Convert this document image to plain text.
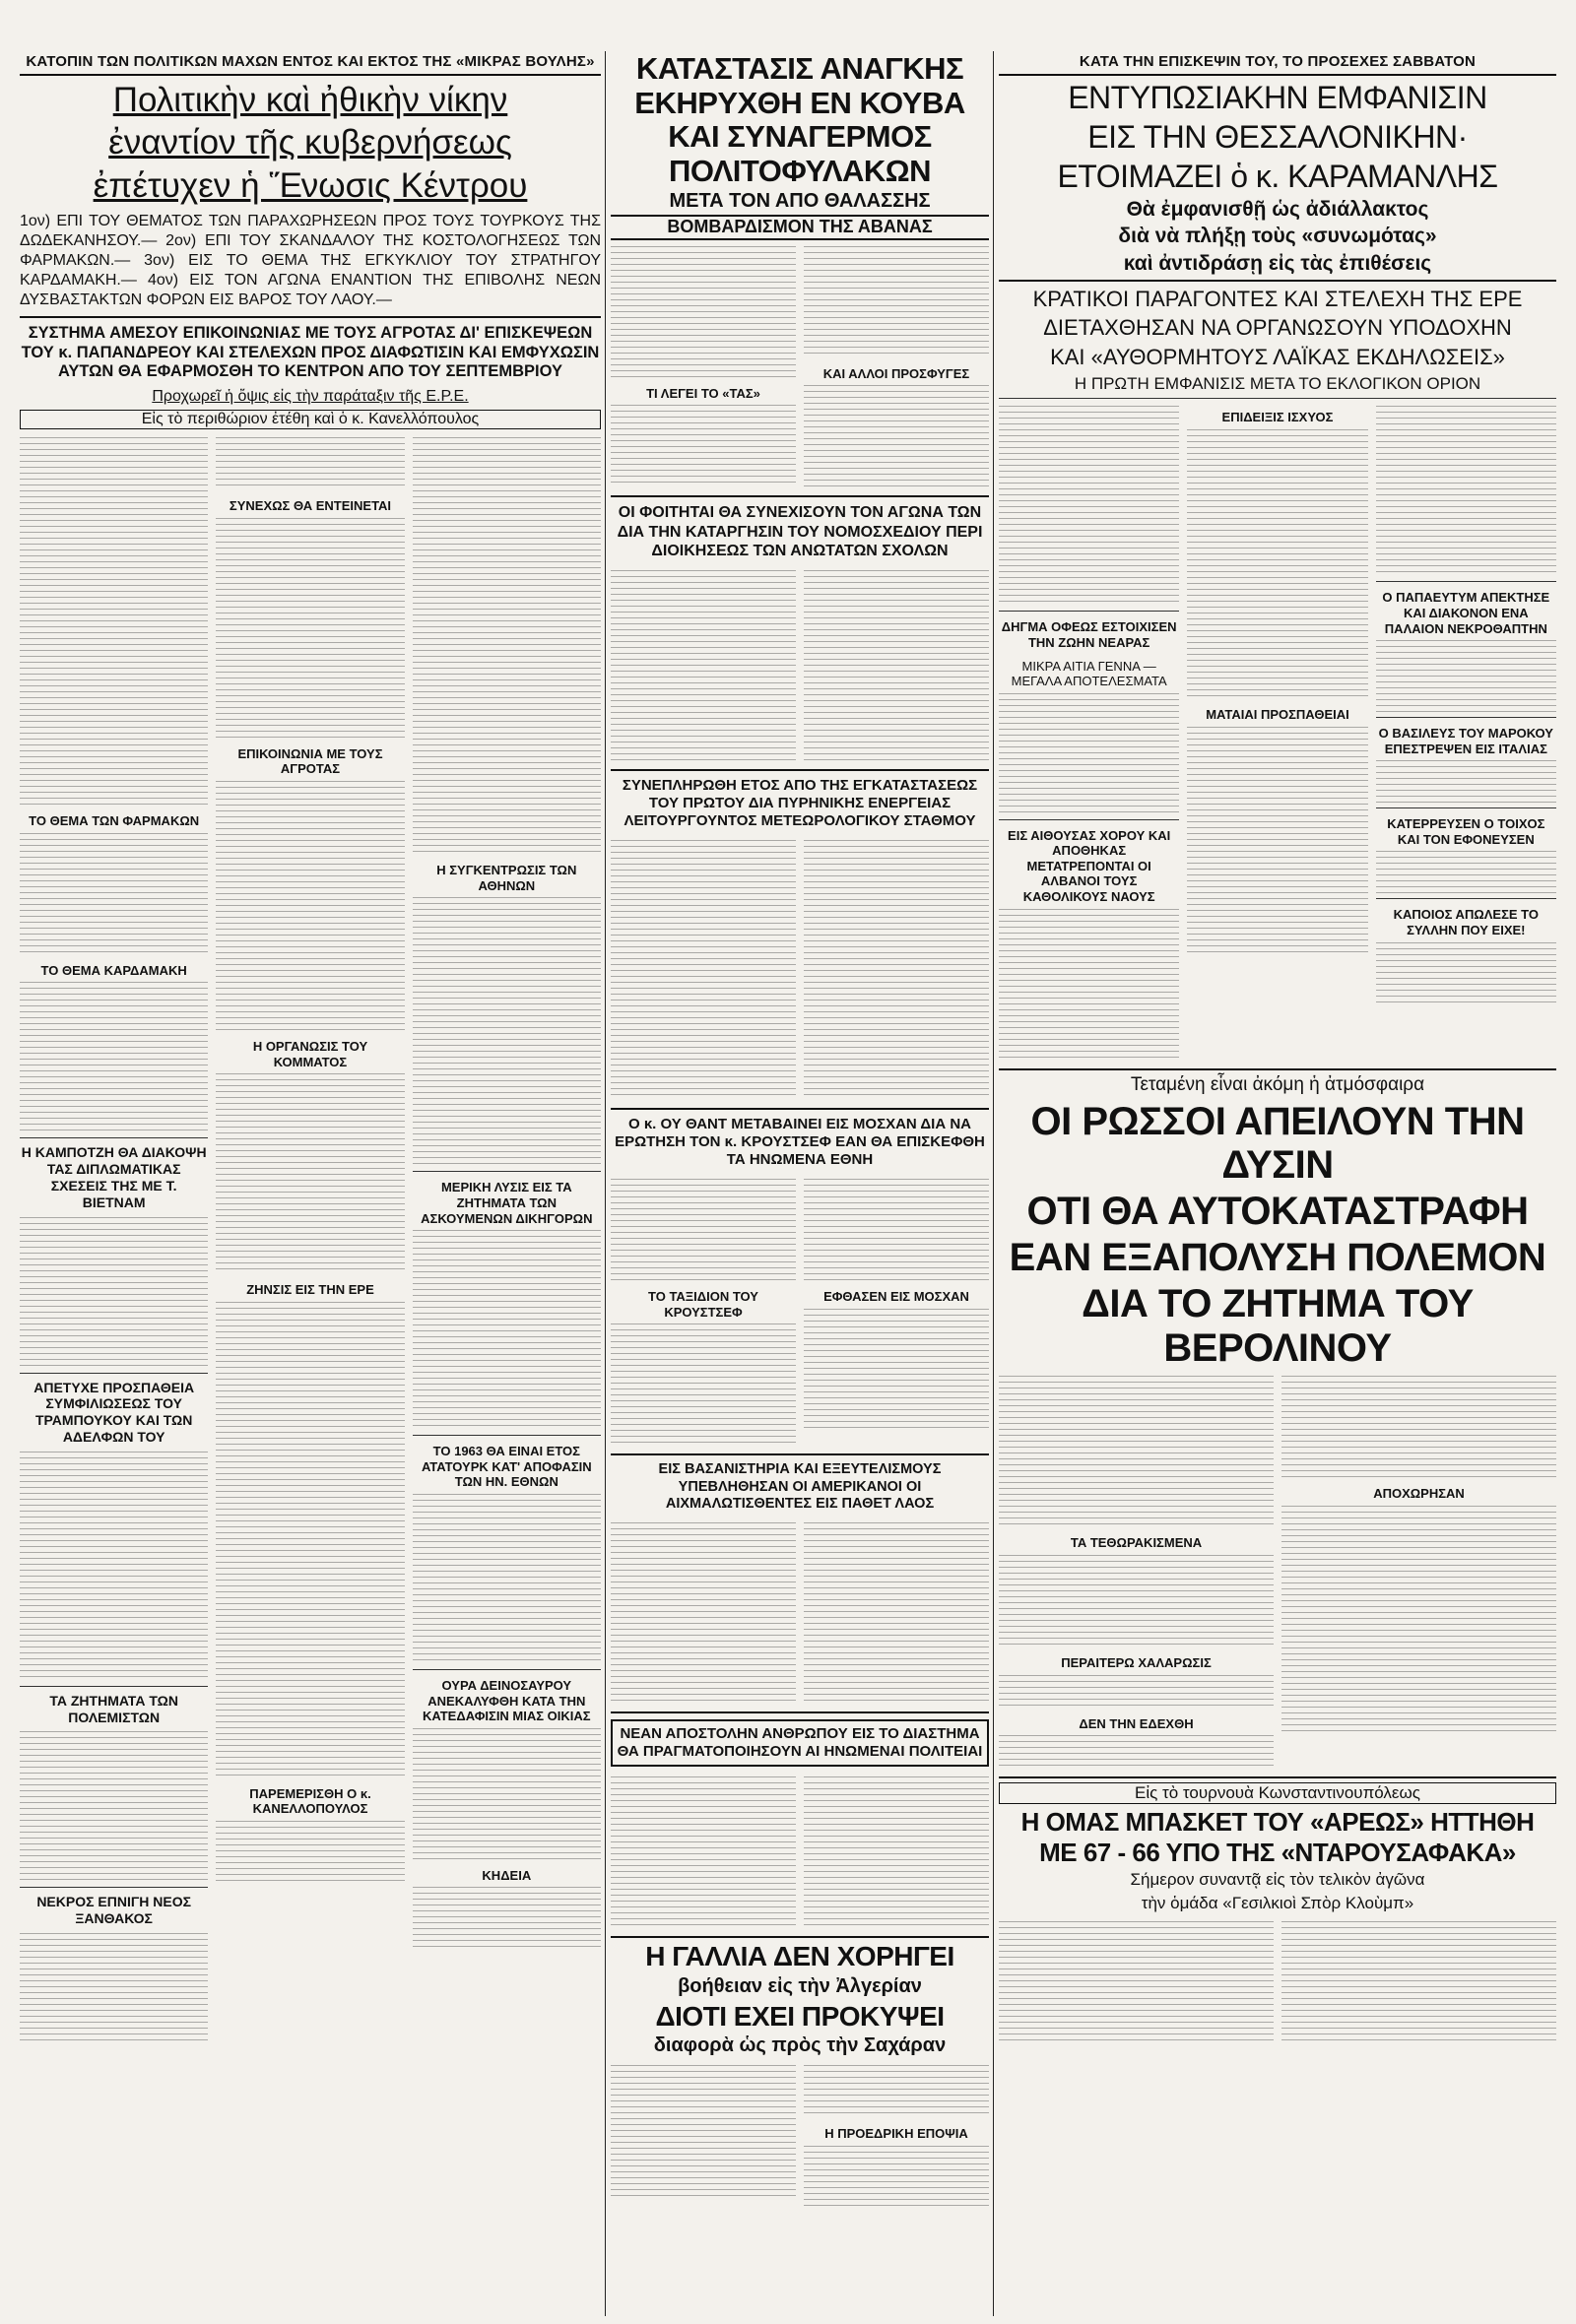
ΚΑΤΟΠΙΝ ΤΩΝ ΠΟΛΙΤΙΚΩΝ ΜΑΧΩΝ ΕΝΤΟΣ ΚΑΙ ΕΚΤΟΣ ΤΗΣ «ΜΙΚΡΑΣ ΒΟΥΛΗΣ»
Πολιτικὴν καὶ ἠθικὴν νίκην
ἐναντίον τῆς κυβερνήσεως
ἐπέτυχεν ἡ Ἕνωσις Κέντρου
1ον) ΕΠΙ ΤΟΥ ΘΕΜΑΤΟΣ ΤΩΝ ΠΑΡΑΧΩΡΗΣΕΩΝ ΠΡΟΣ ΤΟΥΣ ΤΟΥΡΚΟΥΣ ΤΗΣ ΔΩΔΕΚΑΝΗΣΟΥ.— 2ον) ΕΠΙ ΤΟΥ ΣΚΑΝΔΑΛΟΥ ΤΗΣ ΚΟΣΤΟΛΟΓΗΣΕΩΣ ΤΩΝ ΦΑΡΜΑΚΩΝ.— 3ον) ΕΙΣ ΤΟ ΘΕΜΑ ΤΗΣ ΕΓΚΥΚΛΙΟΥ ΤΟΥ ΣΤΡΑΤΗΓΟΥ ΚΑΡΔΑΜΑΚΗ.— 4ον) ΕΙΣ ΤΟΝ ΑΓΩΝΑ ΕΝΑΝΤΙΟΝ ΤΗΣ ΕΠΙΒΟΛΗΣ ΝΕΩΝ ΔΥΣΒΑΣΤΑΚΤΩΝ ΦΟΡΩΝ ΕΙΣ ΒΑΡΟΣ ΤΟΥ ΛΑΟΥ.—
ΣΥΣΤΗΜΑ ΑΜΕΣΟΥ ΕΠΙΚΟΙΝΩΝΙΑΣ ΜΕ ΤΟΥΣ ΑΓΡΟΤΑΣ ΔΙ' ΕΠΙΣΚΕΨΕΩΝ ΤΟΥ κ. ΠΑΠΑΝΔΡΕΟΥ ΚΑΙ ΣΤΕΛΕΧΩΝ ΠΡΟΣ ΔΙΑΦΩΤΙΣΙΝ ΚΑΙ ΕΜΦΥΧΩΣΙΝ ΑΥΤΩΝ ΘΑ ΕΦΑΡΜΟΣΘΗ ΤΟ ΚΕΝΤΡΟΝ ΑΠΟ ΤΟΥ ΣΕΠΤΕΜΒΡΙΟΥ
Προχωρεῖ ἡ ὄψις εἰς τὴν παράταξιν τῆς Ε.Ρ.Ε.
Εἰς τὸ περιθώριον ἐτέθη καὶ ὁ κ. Κανελλόπουλος
ΤΟ ΘΕΜΑ ΤΩΝ ΦΑΡΜΑΚΩΝ
ΤΟ ΘΕΜΑ ΚΑΡΔΑΜΑΚΗ
Η ΚΑΜΠΟΤΖΗ ΘΑ ΔΙΑΚΟΨΗ ΤΑΣ ΔΙΠΛΩΜΑΤΙΚΑΣ ΣΧΕΣΕΙΣ ΤΗΣ ΜΕ Τ. ΒΙΕΤΝΑΜ
ΑΠΕΤΥΧΕ ΠΡΟΣΠΑΘΕΙΑ ΣΥΜΦΙΛΙΩΣΕΩΣ ΤΟΥ ΤΡΑΜΠΟΥΚΟΥ ΚΑΙ ΤΩΝ ΑΔΕΛΦΩΝ ΤΟΥ
ΤΑ ΖΗΤΗΜΑΤΑ ΤΩΝ ΠΟΛΕΜΙΣΤΩΝ
ΝΕΚΡΟΣ ΕΠΝΙΓΗ ΝΕΟΣ ΞΑΝΘΑΚΟΣ
ΣΥΝΕΧΩΣ ΘΑ ΕΝΤΕΙΝΕΤΑΙ
ΕΠΙΚΟΙΝΩΝΙΑ ΜΕ ΤΟΥΣ ΑΓΡΟΤΑΣ
Η ΟΡΓΑΝΩΣΙΣ ΤΟΥ ΚΟΜΜΑΤΟΣ
ΖΗΝΣΙΣ ΕΙΣ ΤΗΝ ΕΡΕ
ΠΑΡΕΜΕΡΙΣΘΗ Ο κ. ΚΑΝΕΛΛΟΠΟΥΛΟΣ
Η ΣΥΓΚΕΝΤΡΩΣΙΣ ΤΩΝ ΑΘΗΝΩΝ
ΜΕΡΙΚΗ ΛΥΣΙΣ ΕΙΣ ΤΑ ΖΗΤΗΜΑΤΑ ΤΩΝ ΑΣΚΟΥΜΕΝΩΝ ΔΙΚΗΓΟΡΩΝ
ΤΟ 1963 ΘΑ ΕΙΝΑΙ ΕΤΟΣ ΑΤΑΤΟΥΡΚ ΚΑΤ' ΑΠΟΦΑΣΙΝ ΤΩΝ ΗΝ. ΕΘΝΩΝ
ΟΥΡΑ ΔΕΙΝΟΣΑΥΡΟΥ ΑΝΕΚΑΛΥΦΘΗ ΚΑΤΑ ΤΗΝ ΚΑΤΕΔΑΦΙΣΙΝ ΜΙΑΣ ΟΙΚΙΑΣ
ΚΗΔΕΙΑ
ΚΑΤΑΣΤΑΣΙΣ ΑΝΑΓΚΗΣ
ΕΚΗΡΥΧΘΗ ΕΝ ΚΟΥΒΑ
ΚΑΙ ΣΥΝΑΓΕΡΜΟΣ
ΠΟΛΙΤΟΦΥΛΑΚΩΝ
ΜΕΤΑ ΤΟΝ ΑΠΟ ΘΑΛΑΣΣΗΣ
ΒΟΜΒΑΡΔΙΣΜΟΝ ΤΗΣ ΑΒΑΝΑΣ
ΤΙ ΛΕΓΕΙ ΤΟ «ΤΑΣ»
ΚΑΙ ΑΛΛΟΙ ΠΡΟΣΦΥΓΕΣ
ΟΙ ΦΟΙΤΗΤΑΙ ΘΑ ΣΥΝΕΧΙΣΟΥΝ ΤΟΝ ΑΓΩΝΑ ΤΩΝ ΔΙΑ ΤΗΝ ΚΑΤΑΡΓΗΣΙΝ ΤΟΥ ΝΟΜΟΣΧΕΔΙΟΥ ΠΕΡΙ ΔΙΟΙΚΗΣΕΩΣ ΤΩΝ ΑΝΩΤΑΤΩΝ ΣΧΟΛΩΝ
ΣΥΝΕΠΛΗΡΩΘΗ ΕΤΟΣ ΑΠΟ ΤΗΣ ΕΓΚΑΤΑΣΤΑΣΕΩΣ ΤΟΥ ΠΡΩΤΟΥ ΔΙΑ ΠΥΡΗΝΙΚΗΣ ΕΝΕΡΓΕΙΑΣ ΛΕΙΤΟΥΡΓΟΥΝΤΟΣ ΜΕΤΕΩΡΟΛΟΓΙΚΟΥ ΣΤΑΘΜΟΥ
Ο κ. ΟΥ ΘΑΝΤ ΜΕΤΑΒΑΙΝΕΙ ΕΙΣ ΜΟΣΧΑΝ ΔΙΑ ΝΑ ΕΡΩΤΗΣΗ ΤΟΝ κ. ΚΡΟΥΣΤΣΕΦ ΕΑΝ ΘΑ ΕΠΙΣΚΕΦΘΗ ΤΑ ΗΝΩΜΕΝΑ ΕΘΝΗ
ΤΟ ΤΑΞΙΔΙΟΝ ΤΟΥ ΚΡΟΥΣΤΣΕΦ
ΕΦΘΑΣΕΝ ΕΙΣ ΜΟΣΧΑΝ
ΕΙΣ ΒΑΣΑΝΙΣΤΗΡΙΑ ΚΑΙ ΕΞΕΥΤΕΛΙΣΜΟΥΣ ΥΠΕΒΛΗΘΗΣΑΝ ΟΙ ΑΜΕΡΙΚΑΝΟΙ ΟΙ ΑΙΧΜΑΛΩΤΙΣΘΕΝΤΕΣ ΕΙΣ ΠΑΘΕΤ ΛΑΟΣ
ΝΕΑΝ ΑΠΟΣΤΟΛΗΝ ΑΝΘΡΩΠΟΥ ΕΙΣ ΤΟ ΔΙΑΣΤΗΜΑ ΘΑ ΠΡΑΓΜΑΤΟΠΟΙΗΣΟΥΝ ΑΙ ΗΝΩΜΕΝΑΙ ΠΟΛΙΤΕΙΑΙ
Η ΓΑΛΛΙΑ ΔΕΝ ΧΟΡΗΓΕΙ
βοήθειαν εἰς τὴν Ἀλγερίαν
ΔΙΟΤΙ ΕΧΕΙ ΠΡΟΚΥΨΕΙ
διαφορὰ ὡς πρὸς τὴν Σαχάραν
Η ΠΡΟΕΔΡΙΚΗ ΕΠΟΨΙΑ
ΚΑΤΑ ΤΗΝ ΕΠΙΣΚΕΨΙΝ ΤΟΥ, ΤΟ ΠΡΟΣΕΧΕΣ ΣΑΒΒΑΤΟΝ
ΕΝΤΥΠΩΣΙΑΚΗΝ ΕΜΦΑΝΙΣΙΝ
ΕΙΣ ΤΗΝ ΘΕΣΣΑΛΟΝΙΚΗΝ·
ΕΤΟΙΜΑΖΕΙ ὁ κ. ΚΑΡΑΜΑΝΛΗΣ
Θὰ ἐμφανισθῇ ὡς ἀδιάλλακτος
διὰ νὰ πλήξῃ τοὺς «συνωμότας»
καὶ ἀντιδράσῃ εἰς τὰς ἐπιθέσεις
ΚΡΑΤΙΚΟΙ ΠΑΡΑΓΟΝΤΕΣ ΚΑΙ ΣΤΕΛΕΧΗ ΤΗΣ ΕΡΕ
ΔΙΕΤΑΧΘΗΣΑΝ ΝΑ ΟΡΓΑΝΩΣΟΥΝ ΥΠΟΔΟΧΗΝ
ΚΑΙ «ΑΥΘΟΡΜΗΤΟΥΣ ΛΑΪΚΑΣ ΕΚΔΗΛΩΣΕΙΣ»
Η ΠΡΩΤΗ ΕΜΦΑΝΙΣΙΣ ΜΕΤΑ ΤΟ ΕΚΛΟΓΙΚΟΝ ΟΡΙΟΝ
ΔΗΓΜΑ ΟΦΕΩΣ ΕΣΤΟΙΧΙΣΕΝ ΤΗΝ ΖΩΗΝ ΝΕΑΡΑΣ
ΜΙΚΡΑ ΑΙΤΙΑ ΓΕΝΝΑ — ΜΕΓΑΛΑ ΑΠΟΤΕΛΕΣΜΑΤΑ
ΕΙΣ ΑΙΘΟΥΣΑΣ ΧΟΡΟΥ ΚΑΙ ΑΠΟΘΗΚΑΣ ΜΕΤΑΤΡΕΠΟΝΤΑΙ ΟΙ ΑΛΒΑΝΟΙ ΤΟΥΣ ΚΑΘΟΛΙΚΟΥΣ ΝΑΟΥΣ
ΕΠΙΔΕΙΞΙΣ ΙΣΧΥΟΣ
ΜΑΤΑΙΑΙ ΠΡΟΣΠΑΘΕΙΑΙ
Ο ΠΑΠΑΕΥΤΥΜ ΑΠΕΚΤΗΣΕ ΚΑΙ ΔΙΑΚΟΝΟΝ ΕΝΑ ΠΑΛΑΙΟΝ ΝΕΚΡΟΘΑΠΤΗΝ
Ο ΒΑΣΙΛΕΥΣ ΤΟΥ ΜΑΡΟΚΟΥ ΕΠΕΣΤΡΕΨΕΝ ΕΙΣ ΙΤΑΛΙΑΣ
ΚΑΤΕΡΡΕΥΣΕΝ Ο ΤΟΙΧΟΣ ΚΑΙ ΤΟΝ ΕΦΟΝΕΥΣΕΝ
ΚΑΠΟΙΟΣ ΑΠΩΛΕΣΕ ΤΟ ΣΥΛΛΗΝ ΠΟΥ ΕΙΧΕ!
Τεταμένη εἶναι ἀκόμη ἡ ἀτμόσφαιρα
ΟΙ ΡΩΣΣΟΙ ΑΠΕΙΛΟΥΝ ΤΗΝ ΔΥΣΙΝ
ΟΤΙ ΘΑ ΑΥΤΟΚΑΤΑΣΤΡΑΦΗ
ΕΑΝ ΕΞΑΠΟΛΥΣΗ ΠΟΛΕΜΟΝ
ΔΙΑ ΤΟ ΖΗΤΗΜΑ ΤΟΥ ΒΕΡΟΛΙΝΟΥ
ΤΑ ΤΕΘΩΡΑΚΙΣΜΕΝΑ
ΠΕΡΑΙΤΕΡΩ ΧΑΛΑΡΩΣΙΣ
ΔΕΝ ΤΗΝ ΕΔΕΧΘΗ
ΑΠΟΧΩΡΗΣΑΝ
Εἰς τὸ τουρνουὰ Κωνσταντινουπόλεως
Η ΟΜΑΣ ΜΠΑΣΚΕΤ ΤΟΥ «ΑΡΕΩΣ» ΗΤΤΗΘΗ
ΜΕ 67 - 66 ΥΠΟ ΤΗΣ «ΝΤΑΡΟΥΣΑΦΑΚΑ»
Σήμερον συναντᾷ εἰς τὸν τελικὸν ἀγῶνα
τὴν ὁμάδα «Γεσιλκιοὶ Σπὸρ Κλοὺμπ»
